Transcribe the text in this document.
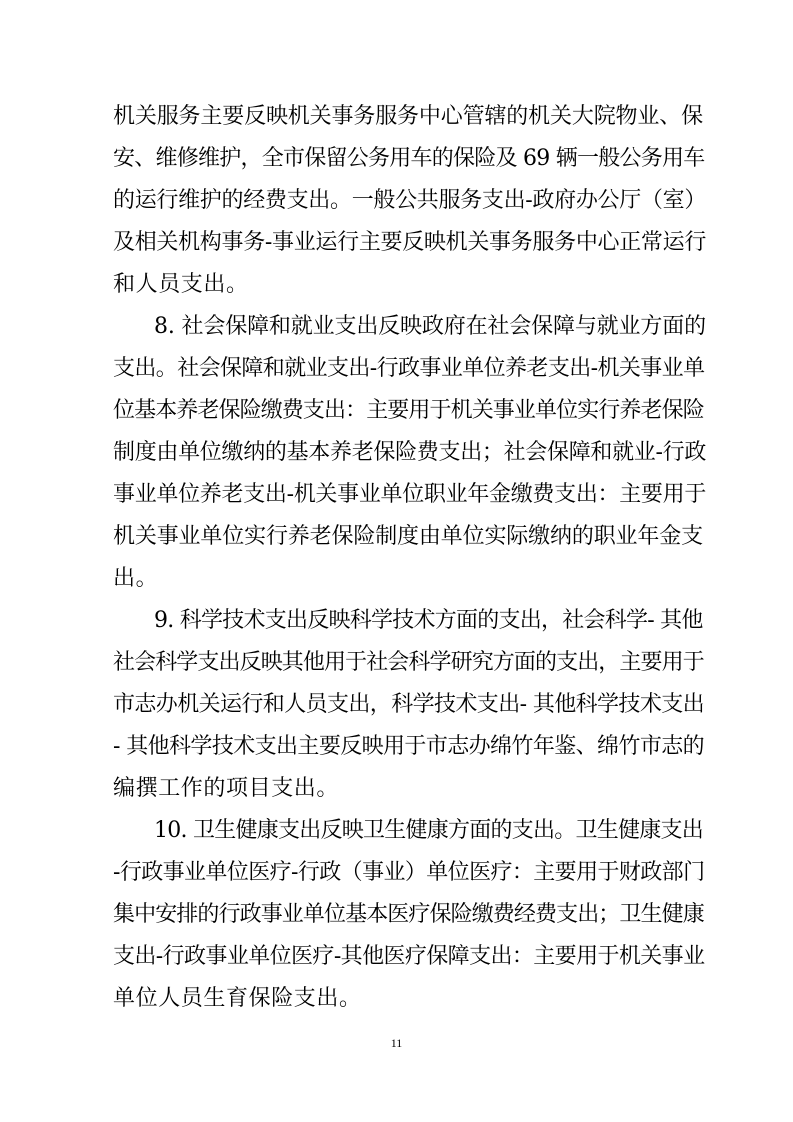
机关服务主要反映机关事务服务中心管辖的机关大院物业、保
安、维修维护，全市保留公务用车的保险及 69 辆一般公务用车
的运行维护的经费支出。一般公共服务支出-政府办公厅（室）
及相关机构事务-事业运行主要反映机关事务服务中心正常运行
和人员支出。
8. 社会保障和就业支出反映政府在社会保障与就业方面的
支出。社会保障和就业支出-行政事业单位养老支出-机关事业单
位基本养老保险缴费支出：主要用于机关事业单位实行养老保险
制度由单位缴纳的基本养老保险费支出；社会保障和就业-行政
事业单位养老支出-机关事业单位职业年金缴费支出：主要用于
机关事业单位实行养老保险制度由单位实际缴纳的职业年金支
出。
9. 科学技术支出反映科学技术方面的支出，社会科学- 其他
社会科学支出反映其他用于社会科学研究方面的支出，主要用于
市志办机关运行和人员支出，科学技术支出- 其他科学技术支出
- 其他科学技术支出主要反映用于市志办绵竹年鉴、绵竹市志的
编撰工作的项目支出。
10. 卫生健康支出反映卫生健康方面的支出。卫生健康支出
-行政事业单位医疗-行政（事业）单位医疗：主要用于财政部门
集中安排的行政事业单位基本医疗保险缴费经费支出；卫生健康
支出-行政事业单位医疗-其他医疗保障支出：主要用于机关事业
单位人员生育保险支出。
11
